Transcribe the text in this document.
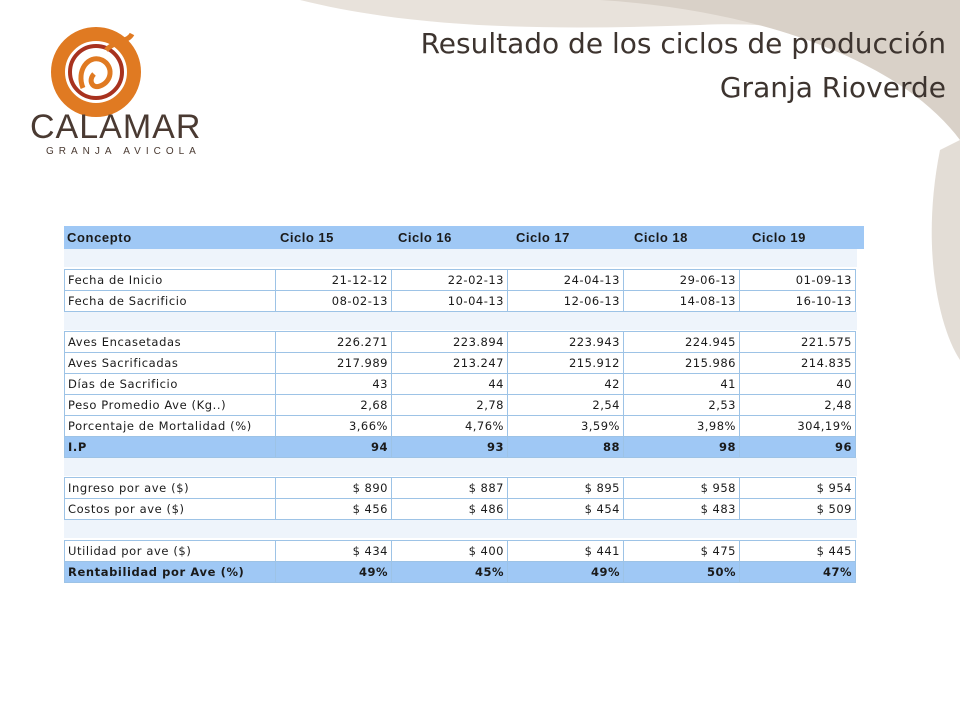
CALAMAR
GRANJA AVICOLA
Resultado de los ciclos de producción
Granja Rioverde
Concepto	Ciclo 15	Ciclo 16	Ciclo 17	Ciclo 18	Ciclo 19
Fecha de Inicio	21-12-12	22-02-13	24-04-13	29-06-13	01-09-13
Fecha de Sacrificio	08-02-13	10-04-13	12-06-13	14-08-13	16-10-13
Aves Encasetadas	226.271	223.894	223.943	224.945	221.575
Aves Sacrificadas	217.989	213.247	215.912	215.986	214.835
Días de Sacrificio	43	44	42	41	40
Peso Promedio Ave (Kg..)	2,68	2,78	2,54	2,53	2,48
Porcentaje de Mortalidad (%)	3,66%	4,76%	3,59%	3,98%	304,19%
I.P	94	93	88	98	96
Ingreso por ave ($)	$ 890	$ 887	$ 895	$ 958	$ 954
Costos por ave ($)	$ 456	$ 486	$ 454	$ 483	$ 509
Utilidad por ave ($)	$ 434	$ 400	$ 441	$ 475	$ 445
Rentabilidad por Ave (%)	49%	45%	49%	50%	47%
